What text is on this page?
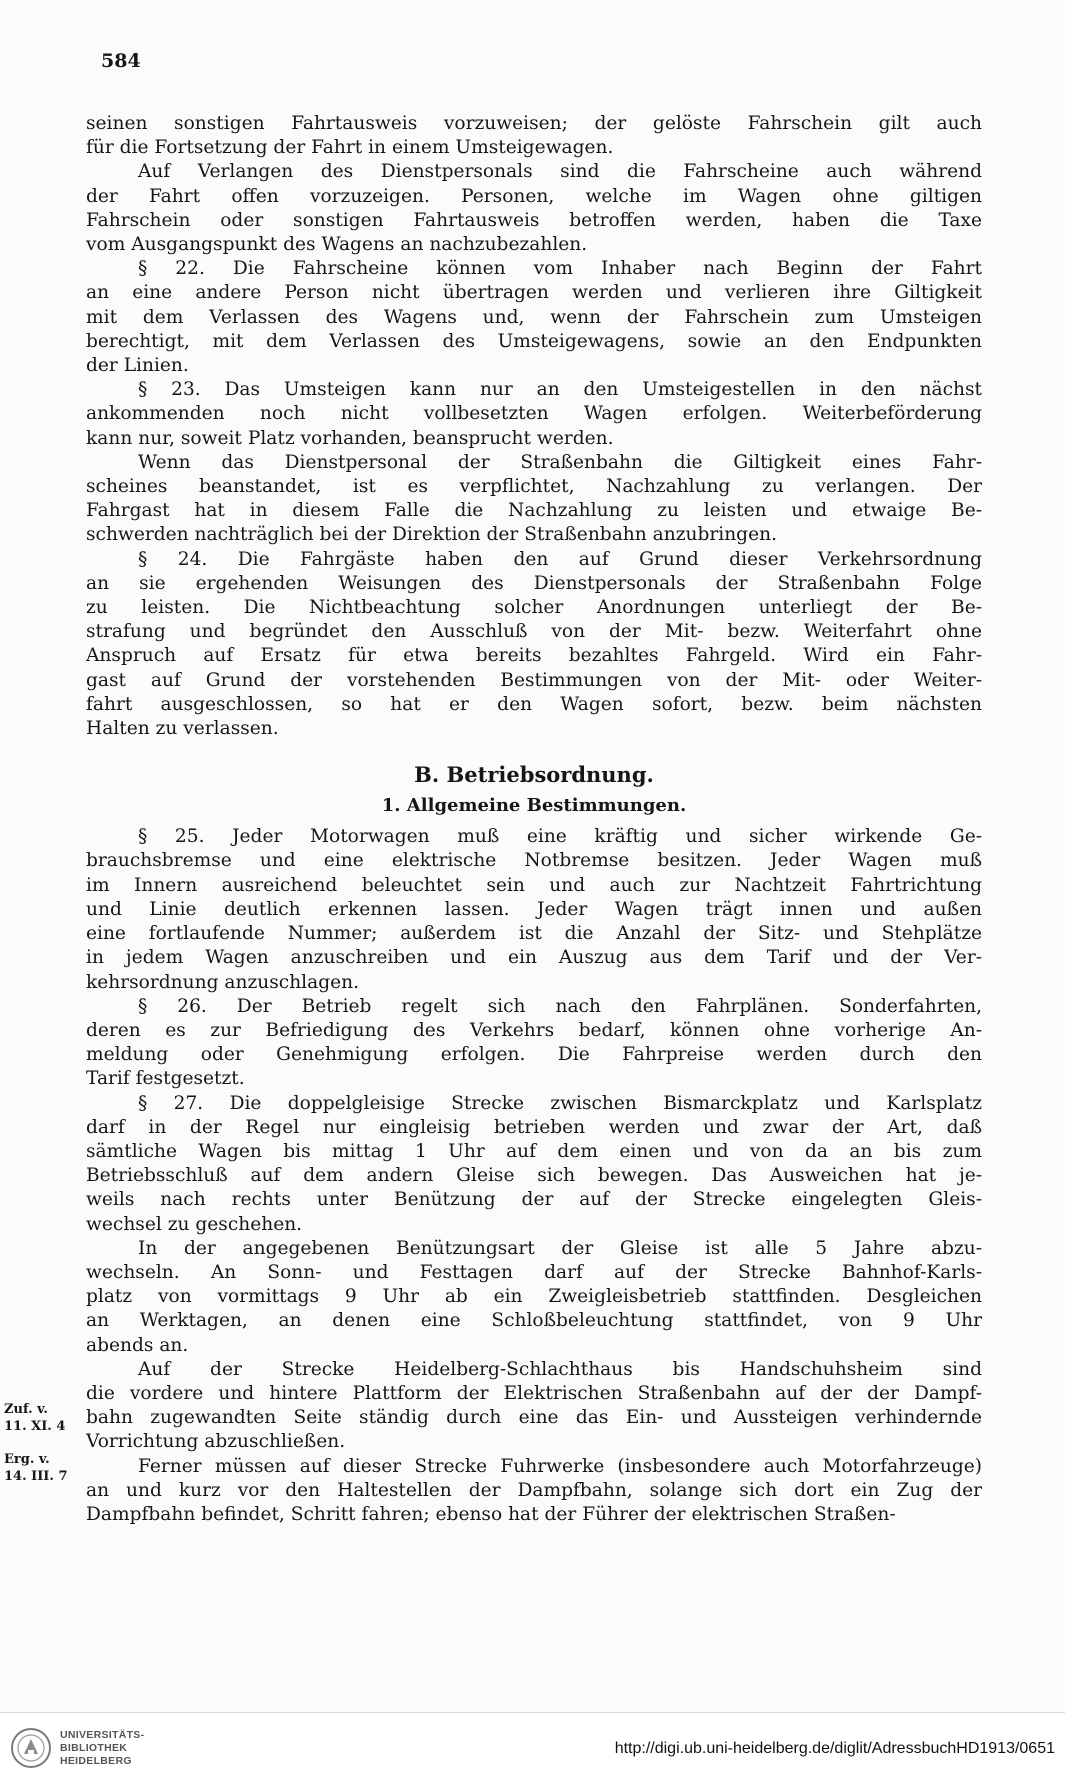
584
Zuf. v.
11. XI. 4
Erg. v.
14. III. 7

seinen sonstigen Fahrtausweis vorzuweisen; der gelöste Fahrschein gilt auch
für die Fortsetzung der Fahrt in einem Umsteigewagen.

Auf Verlangen des Dienstpersonals sind die Fahrscheine auch während
der Fahrt offen vorzuzeigen. Personen, welche im Wagen ohne giltigen
Fahrschein oder sonstigen Fahrtausweis betroffen werden, haben die Taxe
vom Ausgangspunkt des Wagens an nachzubezahlen.

§ 22. Die Fahrscheine können vom Inhaber nach Beginn der Fahrt
an eine andere Person nicht übertragen werden und verlieren ihre Giltigkeit
mit dem Verlassen des Wagens und, wenn der Fahrschein zum Umsteigen
berechtigt, mit dem Verlassen des Umsteigewagens, sowie an den Endpunkten
der Linien.

§ 23. Das Umsteigen kann nur an den Umsteigestellen in den nächst
ankommenden noch nicht vollbesetzten Wagen erfolgen. Weiterbeförderung
kann nur, soweit Platz vorhanden, beansprucht werden.

Wenn das Dienstpersonal der Straßenbahn die Giltigkeit eines Fahr-
scheines beanstandet, ist es verpflichtet, Nachzahlung zu verlangen. Der
Fahrgast hat in diesem Falle die Nachzahlung zu leisten und etwaige Be-
schwerden nachträglich bei der Direktion der Straßenbahn anzubringen.

§ 24. Die Fahrgäste haben den auf Grund dieser Verkehrsordnung
an sie ergehenden Weisungen des Dienstpersonals der Straßenbahn Folge
zu leisten. Die Nichtbeachtung solcher Anordnungen unterliegt der Be-
strafung und begründet den Ausschluß von der Mit- bezw. Weiterfahrt ohne
Anspruch auf Ersatz für etwa bereits bezahltes Fahrgeld. Wird ein Fahr-
gast auf Grund der vorstehenden Bestimmungen von der Mit- oder Weiter-
fahrt ausgeschlossen, so hat er den Wagen sofort, bezw. beim nächsten
Halten zu verlassen.

B. Betriebsordnung.
1. Allgemeine Bestimmungen.

§ 25. Jeder Motorwagen muß eine kräftig und sicher wirkende Ge-
brauchsbremse und eine elektrische Notbremse besitzen. Jeder Wagen muß
im Innern ausreichend beleuchtet sein und auch zur Nachtzeit Fahrtrichtung
und Linie deutlich erkennen lassen. Jeder Wagen trägt innen und außen
eine fortlaufende Nummer; außerdem ist die Anzahl der Sitz- und Stehplätze
in jedem Wagen anzuschreiben und ein Auszug aus dem Tarif und der Ver-
kehrsordnung anzuschlagen.

§ 26. Der Betrieb regelt sich nach den Fahrplänen. Sonderfahrten,
deren es zur Befriedigung des Verkehrs bedarf, können ohne vorherige An-
meldung oder Genehmigung erfolgen. Die Fahrpreise werden durch den
Tarif festgesetzt.

§ 27. Die doppelgleisige Strecke zwischen Bismarckplatz und Karlsplatz
darf in der Regel nur eingleisig betrieben werden und zwar der Art, daß
sämtliche Wagen bis mittag 1 Uhr auf dem einen und von da an bis zum
Betriebsschluß auf dem andern Gleise sich bewegen. Das Ausweichen hat je-
weils nach rechts unter Benützung der auf der Strecke eingelegten Gleis-
wechsel zu geschehen.

In der angegebenen Benützungsart der Gleise ist alle 5 Jahre abzu-
wechseln. An Sonn- und Festtagen darf auf der Strecke Bahnhof-Karls-
platz von vormittags 9 Uhr ab ein Zweigleisbetrieb stattfinden. Desgleichen
an Werktagen, an denen eine Schloßbeleuchtung stattfindet, von 9 Uhr
abends an.

Auf der Strecke Heidelberg-Schlachthaus bis Handschuhsheim sind
die vordere und hintere Plattform der Elektrischen Straßenbahn auf der der Dampf-
bahn zugewandten Seite ständig durch eine das Ein- und Aussteigen verhindernde
Vorrichtung abzuschließen.

Ferner müssen auf dieser Strecke Fuhrwerke (insbesondere auch Motorfahrzeuge)
an und kurz vor den Haltestellen der Dampfbahn, solange sich dort ein Zug der
Dampfbahn befindet, Schritt fahren; ebenso hat der Führer der elektrischen Straßen-

UNIVERSITÄTS-
BIBLIOTHEK
HEIDELBERG
http://digi.ub.uni-heidelberg.de/diglit/AdressbuchHD1913/0651
